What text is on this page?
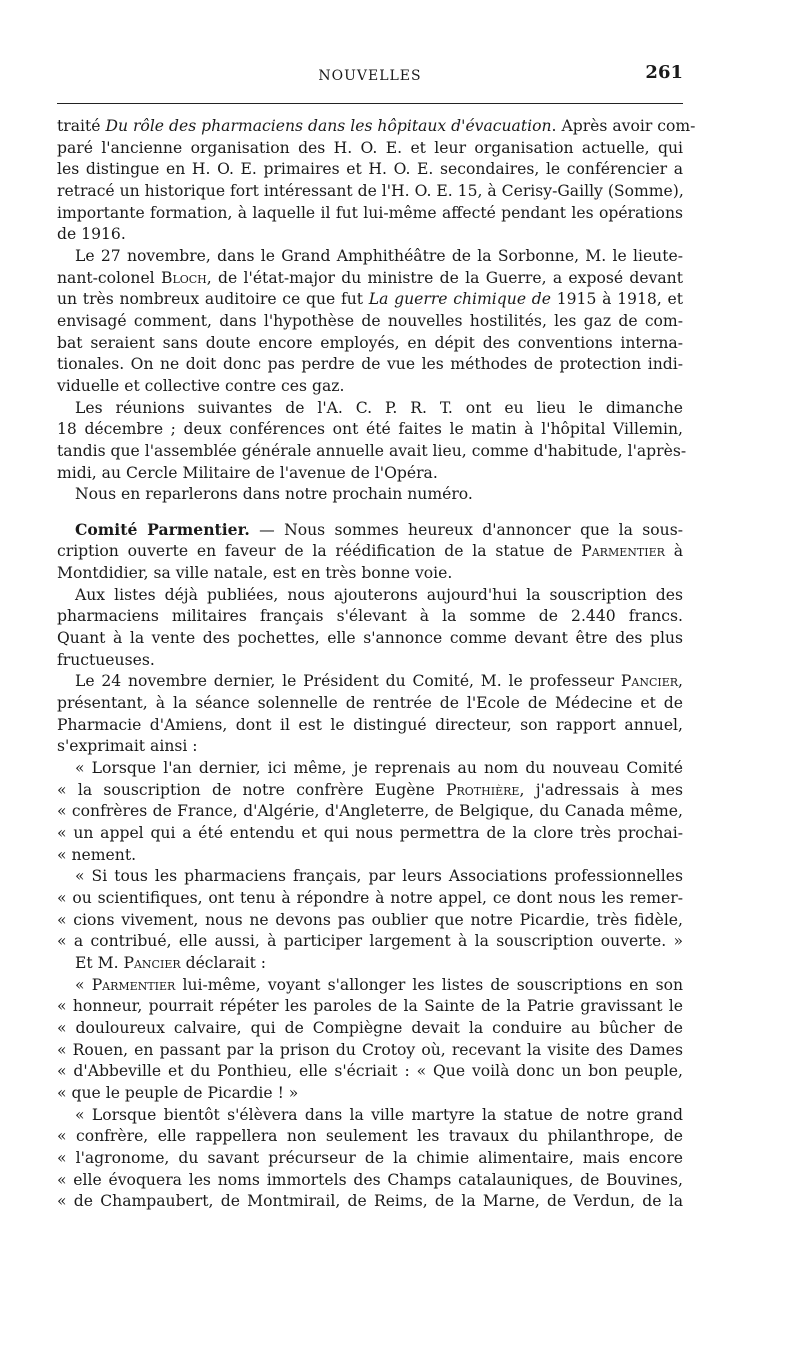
NOUVELLES	261

traité Du rôle des pharmaciens dans les hôpitaux d'évacuation. Après avoir com-
paré l'ancienne organisation des H. O. E. et leur organisation actuelle, qui
les distingue en H. O. E. primaires et H. O. E. secondaires, le conférencier a
retracé un historique fort intéressant de l'H. O. E. 15, à Cerisy-Gailly (Somme),
importante formation, à laquelle il fut lui-même affecté pendant les opérations
de 1916.

Le 27 novembre, dans le Grand Amphithéâtre de la Sorbonne, M. le lieute-
nant-colonel Bloch, de l'état-major du ministre de la Guerre, a exposé devant
un très nombreux auditoire ce que fut La guerre chimique de 1915 à 1918, et
envisagé comment, dans l'hypothèse de nouvelles hostilités, les gaz de com-
bat seraient sans doute encore employés, en dépit des conventions interna-
tionales. On ne doit donc pas perdre de vue les méthodes de protection indi-
viduelle et collective contre ces gaz.

Les réunions suivantes de l'A. C. P. R. T. ont eu lieu le dimanche
18 décembre ; deux conférences ont été faites le matin à l'hôpital Villemin,
tandis que l'assemblée générale annuelle avait lieu, comme d'habitude, l'après-
midi, au Cercle Militaire de l'avenue de l'Opéra.

Nous en reparlerons dans notre prochain numéro.

Comité Parmentier. — Nous sommes heureux d'annoncer que la sous-
cription ouverte en faveur de la réédification de la statue de Parmentier à
Montdidier, sa ville natale, est en très bonne voie.

Aux listes déjà publiées, nous ajouterons aujourd'hui la souscription des
pharmaciens militaires français s'élevant à la somme de 2.440 francs.
Quant à la vente des pochettes, elle s'annonce comme devant être des plus
fructueuses.

Le 24 novembre dernier, le Président du Comité, M. le professeur Pancier,
présentant, à la séance solennelle de rentrée de l'Ecole de Médecine et de
Pharmacie d'Amiens, dont il est le distingué directeur, son rapport annuel,
s'exprimait ainsi :

« Lorsque l'an dernier, ici même, je reprenais au nom du nouveau Comité
« la souscription de notre confrère Eugène Prothière, j'adressais à mes
« confrères de France, d'Algérie, d'Angleterre, de Belgique, du Canada même,
« un appel qui a été entendu et qui nous permettra de la clore très prochai-
« nement.

« Si tous les pharmaciens français, par leurs Associations professionnelles
« ou scientifiques, ont tenu à répondre à notre appel, ce dont nous les remer-
« cions vivement, nous ne devons pas oublier que notre Picardie, très fidèle,
« a contribué, elle aussi, à participer largement à la souscription ouverte. »

Et M. Pancier déclarait :

« Parmentier lui-même, voyant s'allonger les listes de souscriptions en son
« honneur, pourrait répéter les paroles de la Sainte de la Patrie gravissant le
« douloureux calvaire, qui de Compiègne devait la conduire au bûcher de
« Rouen, en passant par la prison du Crotoy où, recevant la visite des Dames
« d'Abbeville et du Ponthieu, elle s'écriait : « Que voilà donc un bon peuple,
« que le peuple de Picardie ! »

« Lorsque bientôt s'élèvera dans la ville martyre la statue de notre grand
« confrère, elle rappellera non seulement les travaux du philanthrope, de
« l'agronome, du savant précurseur de la chimie alimentaire, mais encore
« elle évoquera les noms immortels des Champs catalauniques, de Bouvines,
« de Champaubert, de Montmirail, de Reims, de la Marne, de Verdun, de la
